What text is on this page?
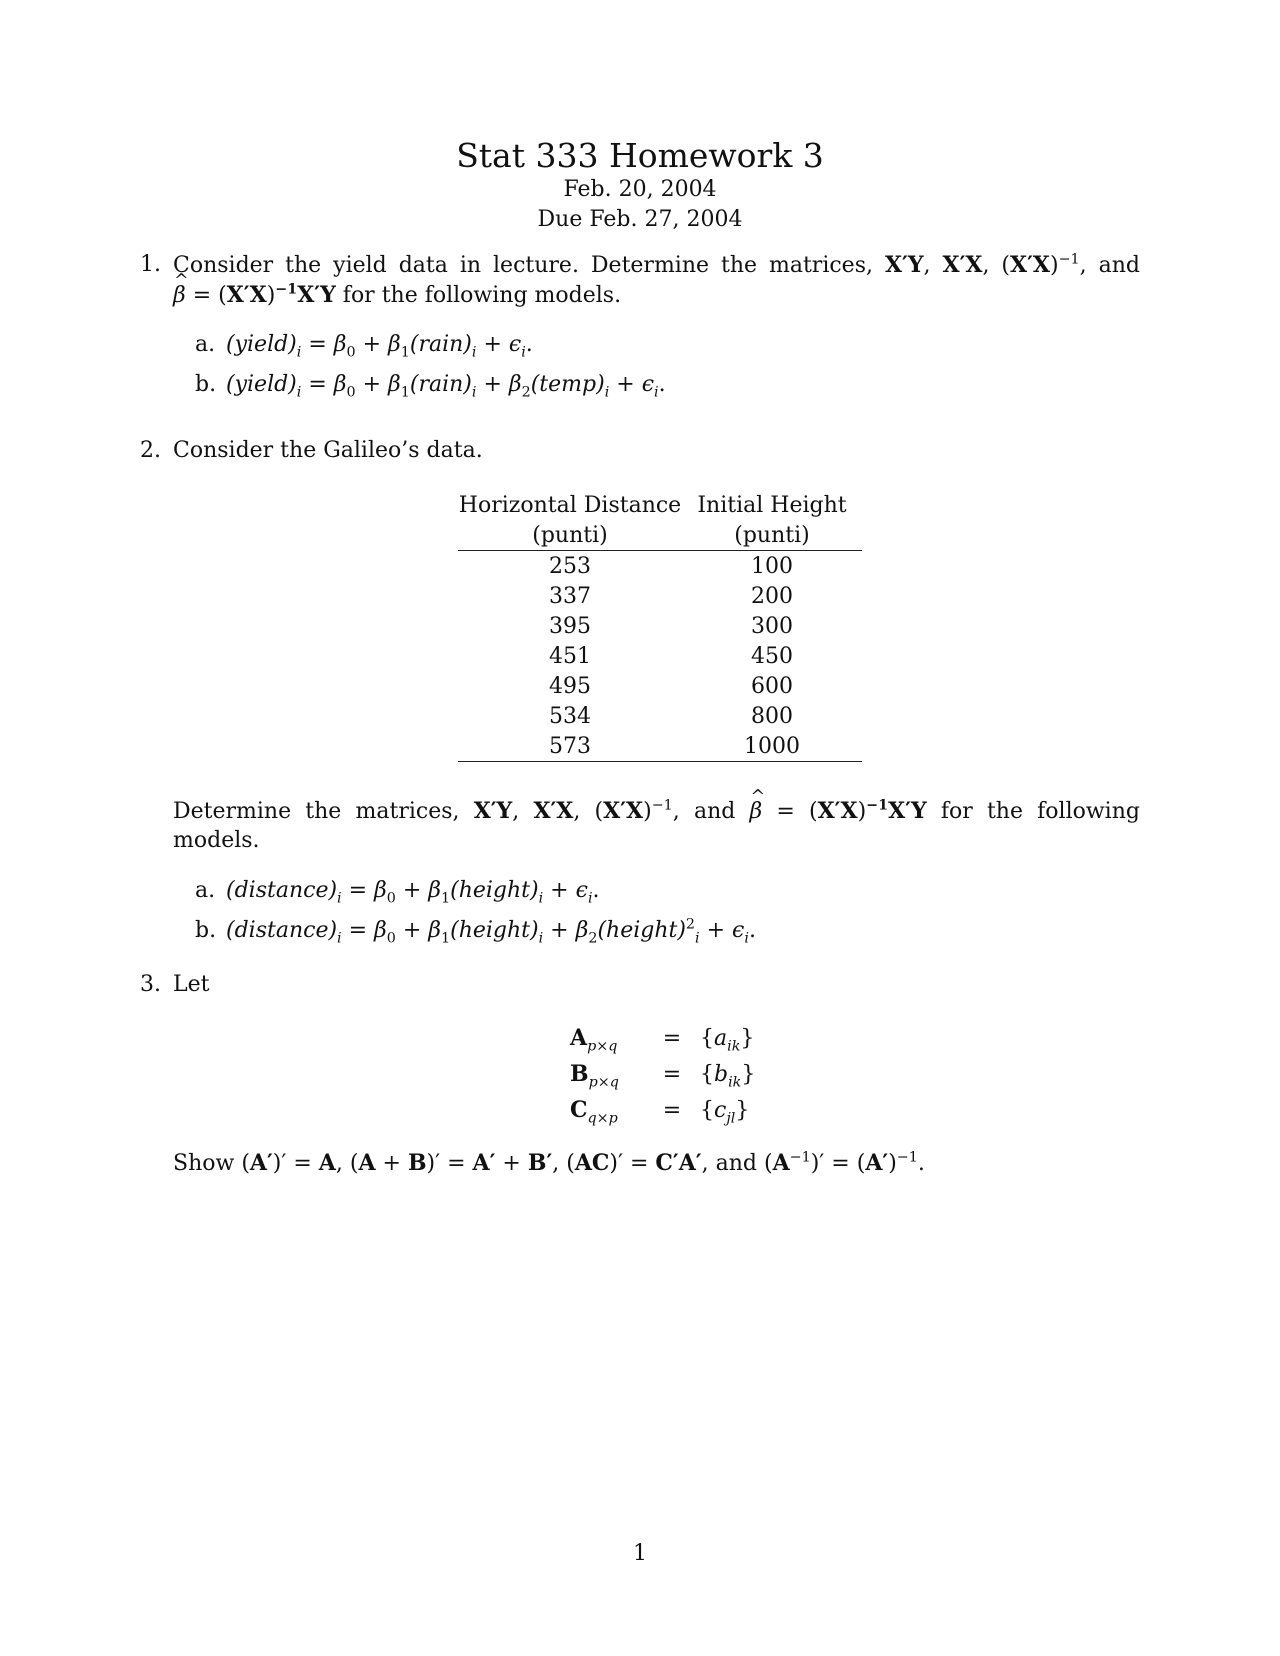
Stat 333 Homework 3
Feb. 20, 2004
Due Feb. 27, 2004
1. Consider the yield data in lecture. Determine the matrices, X′Y, X′X, $(X'X)^{-1}$, and
^ $\beta = (X'X)^{-1}X'Y$ for the following models.
a. $(yield)_i = \beta_0$ + $\beta_1(rain)_i + \epsilon_i$.
b. $(yield)_i = \beta_0$ + $\beta_1(rain)_i$ + $\beta_2(temp)_i + \epsilon_i$.
2. Consider the Galileo’s data.
Horizontal Distance Initial Height
(punti)	(punti)
253	100
337	200
395	300
451	450
495	600
534	800
573	1000
Determine the matrices, X′Y, X′X, $(X'X)^{-1}$, and ^ $\beta = (X'X)^{-1}X'Y$ for the following
models.
a. $(distance)_i = \beta_0$ + $\beta_1(height)_i + \epsilon_i$.
b. $(distance)_i = \beta_0$ + $\beta_1(height)_i$ + $\beta_2(height)^2_i + \epsilon_i$.
3. Let
$A_{p\times q}$	= $\{a_{ik}\}$
$B_{p\times q}$	= $\{b_{ik}\}$
$C_{q\times p}$	= $\{c_{jl}\}$
Show (A′)′ = A, (A + B)′ = A′ + B′, (AC)′ = C′A′, and $(A^{-1})' = (A')^{-1}$.
1
